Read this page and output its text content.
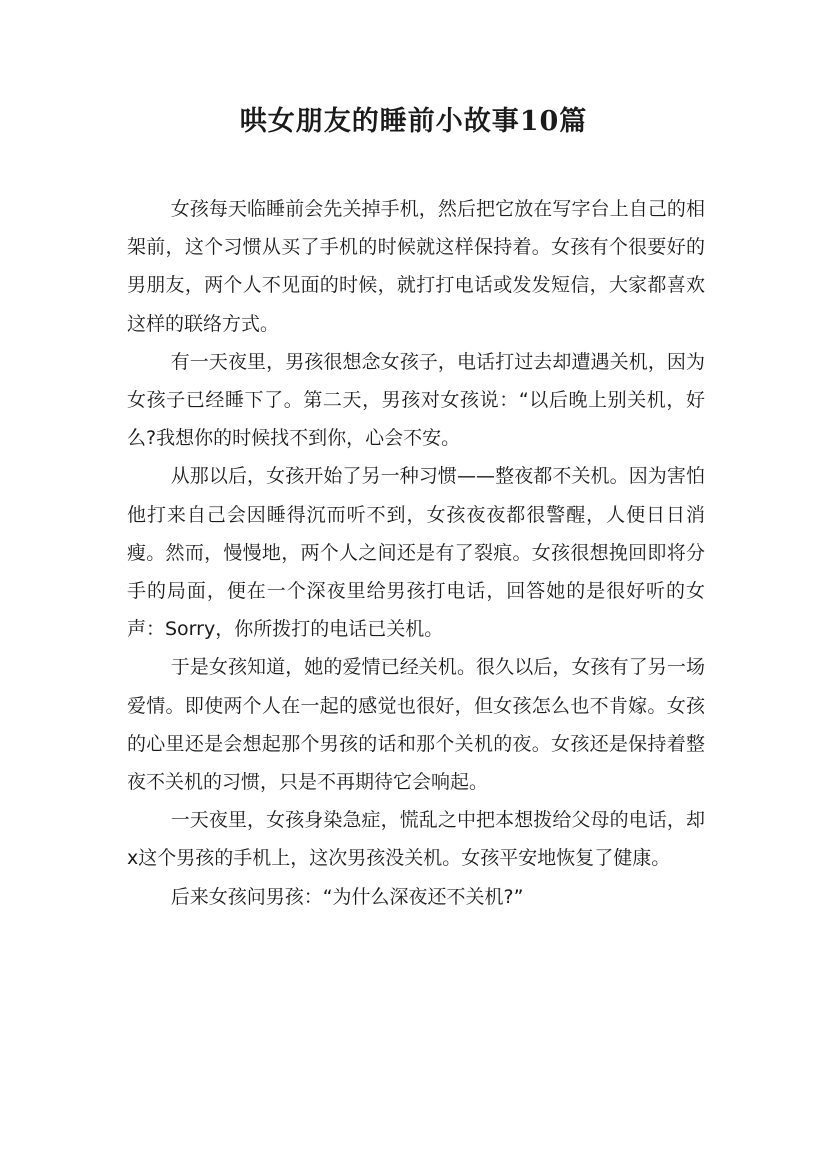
哄女朋友的睡前小故事10篇

女孩每天临睡前会先关掉手机，然后把它放在写字台上自己的相架前，这个习惯从买了手机的时候就这样保持着。女孩有个很要好的男朋友，两个人不见面的时候，就打打电话或发发短信，大家都喜欢这样的联络方式。

有一天夜里，男孩很想念女孩子，电话打过去却遭遇关机，因为女孩子已经睡下了。第二天，男孩对女孩说：“以后晚上别关机，好么?我想你的时候找不到你，心会不安。

从那以后，女孩开始了另一种习惯——整夜都不关机。因为害怕他打来自己会因睡得沉而听不到，女孩夜夜都很警醒，人便日日消瘦。然而，慢慢地，两个人之间还是有了裂痕。女孩很想挽回即将分手的局面，便在一个深夜里给男孩打电话，回答她的是很好听的女声：Sorry，你所拨打的电话已关机。

于是女孩知道，她的爱情已经关机。很久以后，女孩有了另一场爱情。即使两个人在一起的感觉也很好，但女孩怎么也不肯嫁。女孩的心里还是会想起那个男孩的话和那个关机的夜。女孩还是保持着整夜不关机的习惯，只是不再期待它会响起。

一天夜里，女孩身染急症，慌乱之中把本想拨给父母的电话，却x这个男孩的手机上，这次男孩没关机。女孩平安地恢复了健康。

后来女孩问男孩：“为什么深夜还不关机?”
